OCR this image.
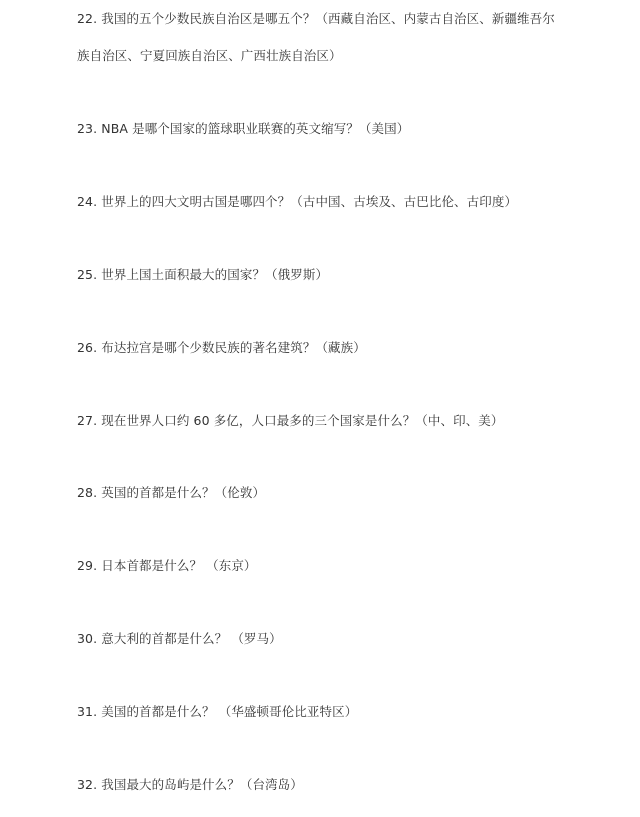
22. 我国的五个少数民族自治区是哪五个？（西藏自治区、内蒙古自治区、新疆维吾尔
族自治区、宁夏回族自治区、广西壮族自治区）
23. NBA 是哪个国家的篮球职业联赛的英文缩写？（美国）
24. 世界上的四大文明古国是哪四个？（古中国、古埃及、古巴比伦、古印度）
25. 世界上国土面积最大的国家？（俄罗斯）
26. 布达拉宫是哪个少数民族的著名建筑？（藏族）
27. 现在世界人口约 60 多亿，人口最多的三个国家是什么？（中、印、美）
28. 英国的首都是什么？（伦敦）
29. 日本首都是什么？ （东京）
30. 意大利的首都是什么？ （罗马）
31. 美国的首都是什么？ （华盛顿哥伦比亚特区）
32. 我国最大的岛屿是什么？（台湾岛）
